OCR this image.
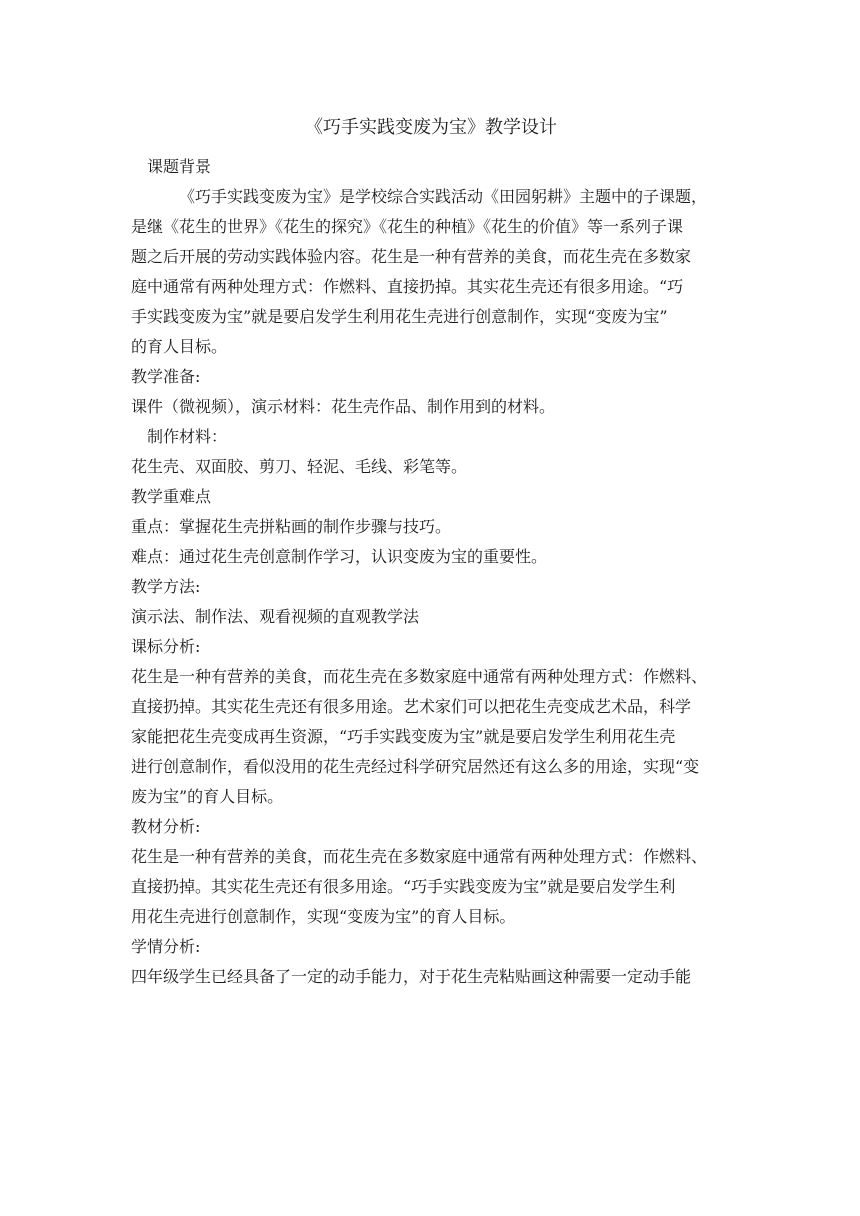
《巧手实践变废为宝》教学设计
课题背景
《巧手实践变废为宝》是学校综合实践活动《田园躬耕》主题中的子课题，
是继《花生的世界》《花生的探究》《花生的种植》《花生的价值》等一系列子课
题之后开展的劳动实践体验内容。花生是一种有营养的美食，而花生壳在多数家
庭中通常有两种处理方式：作燃料、直接扔掉。其实花生壳还有很多用途。“巧
手实践变废为宝”就是要启发学生利用花生壳进行创意制作，实现“变废为宝”
的育人目标。
教学准备:
课件（微视频），演示材料：花生壳作品、制作用到的材料。
制作材料：
花生壳、双面胶、剪刀、轻泥、毛线、彩笔等。
教学重难点
重点：掌握花生壳拼粘画的制作步骤与技巧。
难点：通过花生壳创意制作学习，认识变废为宝的重要性。
教学方法:
演示法、制作法、观看视频的直观教学法
课标分析:
花生是一种有营养的美食，而花生壳在多数家庭中通常有两种处理方式：作燃料、
直接扔掉。其实花生壳还有很多用途。艺术家们可以把花生壳变成艺术品，科学
家能把花生壳变成再生资源，“巧手实践变废为宝”就是要启发学生利用花生壳
进行创意制作，看似没用的花生壳经过科学研究居然还有这么多的用途，实现“变
废为宝”的育人目标。
教材分析:
花生是一种有营养的美食，而花生壳在多数家庭中通常有两种处理方式：作燃料、
直接扔掉。其实花生壳还有很多用途。“巧手实践变废为宝”就是要启发学生利
用花生壳进行创意制作，实现“变废为宝”的育人目标。
学情分析:
四年级学生已经具备了一定的动手能力，对于花生壳粘贴画这种需要一定动手能
